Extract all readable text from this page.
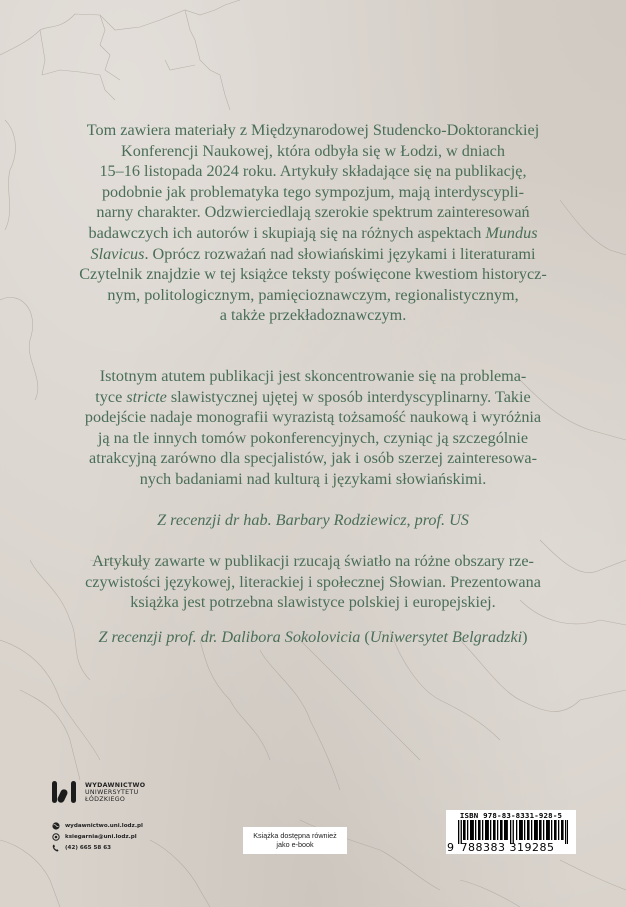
Tom zawiera materiały z Międzynarodowej Studencko-Doktoranckiej
Konferencji Naukowej, która odbyła się w Łodzi, w dniach
15–16 listopada 2024 roku. Artykuły składające się na publikację,
podobnie jak problematyka tego sympozjum, mają interdyscypli-
narny charakter. Odzwierciedlają szerokie spektrum zainteresowań
badawczych ich autorów i skupiają się na różnych aspektach Mundus
Slavicus. Oprócz rozważań nad słowiańskimi językami i literaturami
Czytelnik znajdzie w tej książce teksty poświęcone kwestiom historycz-
nym, politologicznym, pamięcioznawczym, regionalistycznym,
a także przekładoznawczym.
Istotnym atutem publikacji jest skoncentrowanie się na problema-
tyce stricte slawistycznej ujętej w sposób interdyscyplinarny. Takie
podejście nadaje monografii wyrazistą tożsamość naukową i wyróżnia
ją na tle innych tomów pokonferencyjnych, czyniąc ją szczególnie
atrakcyjną zarówno dla specjalistów, jak i osób szerzej zainteresowa-
nych badaniami nad kulturą i językami słowiańskimi.
Z recenzji dr hab. Barbary Rodziewicz, prof. US
Artykuły zawarte w publikacji rzucają światło na różne obszary rze-
czywistości językowej, literackiej i społecznej Słowian. Prezentowana
książka jest potrzebna slawistyce polskiej i europejskiej.
Z recenzji prof. dr. Dalibora Sokolovicia (Uniwersytet Belgradzki)
WYDAWNICTWO
UNIWERSYTETU
ŁÓDZKIEGO
wydawnictwo.uni.lodz.pl
ksiegarnia@uni.lodz.pl
(42) 665 58 63
Książka dostępna również
jako e-book
ISBN 978-83-8331-928-5
9 788383 319285
